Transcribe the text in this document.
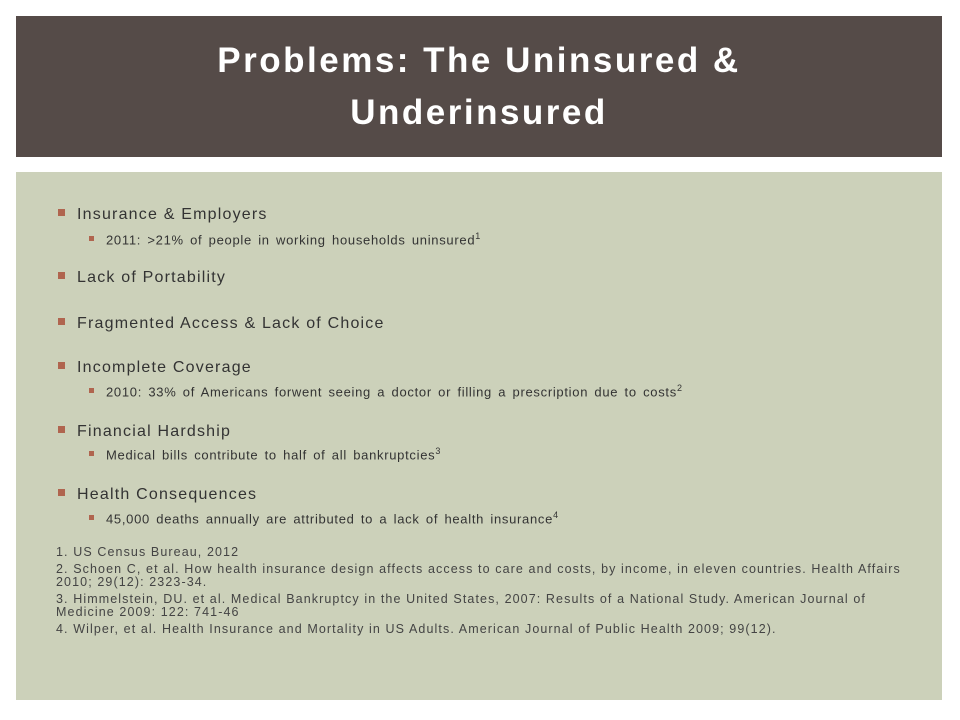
Problems: The Uninsured & Underinsured
Insurance & Employers
2011: >21% of people in working households uninsured$^1$
Lack of Portability
Fragmented Access & Lack of Choice
Incomplete Coverage
2010: 33% of Americans forwent seeing a doctor or filling a prescription due to costs$^2$
Financial Hardship
Medical bills contribute to half of all bankruptcies$^3$
Health Consequences
45,000 deaths annually are attributed to a lack of health insurance$^4$

1. US Census Bureau, 2012

2. Schoen C, et al. How health insurance design affects access to care and costs, by income, in eleven countries. Health Affairs 2010; 29(12): 2323-34.

3. Himmelstein, DU. et al. Medical Bankruptcy in the United States, 2007: Results of a National Study. American Journal of Medicine 2009: 122: 741-46

4. Wilper, et al. Health Insurance and Mortality in US Adults. American Journal of Public Health 2009; 99(12).
